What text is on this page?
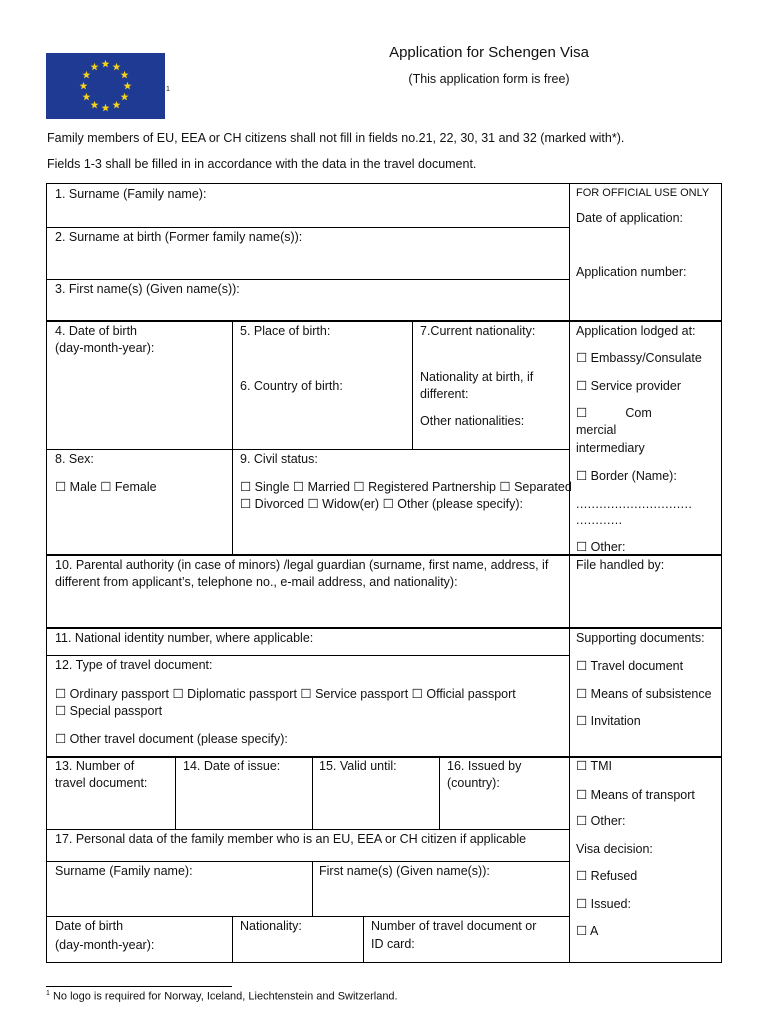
1
Application for Schengen Visa
(This application form is free)
Family members of EU, EEA or CH citizens shall not fill in fields no.21, 22, 30, 31 and 32 (marked with*).
Fields 1-3 shall be filled in in accordance with the data in the travel document.
1. Surname (Family name):
2. Surname at birth (Former family name(s)):
3. First name(s) (Given name(s)):
4. Date of birth
(day-month-year):
5. Place of birth:
6. Country of birth:
7.Current nationality:
Nationality at birth, if
different:
Other nationalities:
8. Sex:
☐ Male ☐ Female
9. Civil status:
☐ Single ☐ Married ☐ Registered Partnership ☐ Separated
☐ Divorced ☐ Widow(er) ☐ Other (please specify):
10. Parental authority (in case of minors) /legal guardian (surname, first name, address, if
different from applicant’s, telephone no., e-mail address, and nationality):
11. National identity number, where applicable:
12. Type of travel document:
☐ Ordinary passport ☐ Diplomatic passport ☐ Service passport ☐ Official passport
☐ Special passport
☐ Other travel document (please specify):
13. Number of
travel document:
14. Date of issue:	15. Valid until:	16. Issued by
(country):
17. Personal data of the family member who is an EU, EEA or CH citizen if applicable
Surname (Family name):	First name(s) (Given name(s)):
Date of birth
(day-month-year):
Nationality:	Number of travel document or
ID card:
FOR OFFICIAL USE ONLY
Date of application:
Application number:
Application lodged at:
☐ Embassy/Consulate
☐ Service provider
☐           Com
mercial
intermediary
☐ Border (Name):
..............................
............
☐ Other:
File handled by:
Supporting documents:
☐ Travel document
☐ Means of subsistence
☐ Invitation
☐ TMI
☐ Means of transport
☐ Other:
Visa decision:
☐ Refused
☐ Issued:
☐ A
$^1$ No logo is required for Norway, Iceland, Liechtenstein and Switzerland.
